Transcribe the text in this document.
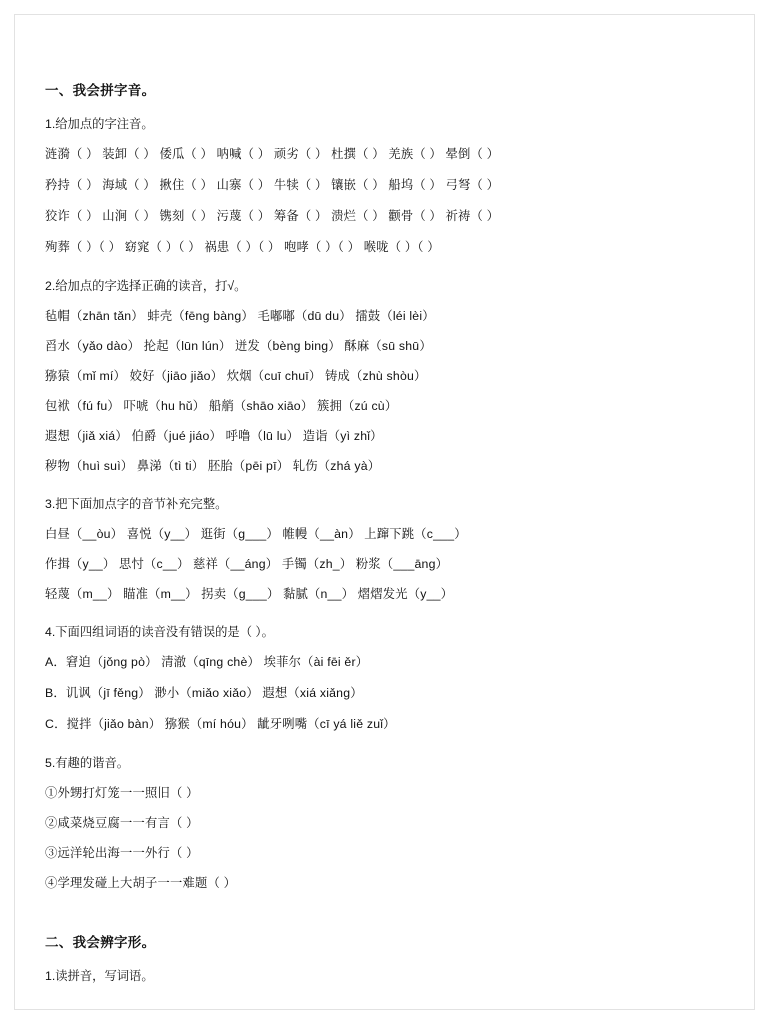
一、我会拼字音。

1.给加点的字注音。

涟漪（ ） 装卸（ ） 倭瓜（ ） 呐喊（ ） 顽劣（ ） 杜撰（ ） 羌族（ ） 晕倒（ ）

矜持（ ） 海域（ ） 揪住（ ） 山寨（ ） 牛犊（ ） 镶嵌（ ） 船坞（ ） 弓弩（ ）

狡诈（ ） 山涧（ ） 镌刻（ ） 污蔑（ ） 筹备（ ） 溃烂（ ） 颧骨（ ） 祈祷（ ）

殉葬（ ）（ ） 窈窕（ ）（ ） 祸患（ ）（ ） 咆哮（ ）（ ） 喉咙（ ）（ ）

2.给加点的字选择正确的读音，打√。

毡帽（zhān tǎn） 蚌壳（fēng bàng） 毛嘟嘟（dū du） 擂鼓（léi lèi）

舀水（yǎo dào） 抡起（lūn lún） 迸发（bèng bing） 酥麻（sū shū）

猕猿（mǐ mí） 姣好（jiāo jiǎo） 炊烟（cuī chuī） 铸成（zhù shòu）

包袱（fú fu） 吓唬（hu hǔ） 船艄（shāo xiāo） 簇拥（zú cù）

遐想（jiǎ xiá） 伯爵（jué jiáo） 呼噜（lū lu） 造诣（yì zhǐ）

秽物（huì suì） 鼻涕（tì ti） 胚胎（pēi pī） 轧伤（zhá yà）

3.把下面加点字的音节补充完整。

白昼（__òu） 喜悦（y__） 逛街（g___） 帷幔（__àn） 上蹿下跳（c___）

作揖（y__） 思忖（c__） 慈祥（__áng） 手镯（zh_） 粉浆（___āng）

轻蔑（m__） 瞄准（m__） 拐卖（g___） 黏腻（n__） 熠熠发光（y__）

4.下面四组词语的读音没有错误的是（ ）。

A．窘迫（jǒng pò） 清澈（qīng chè） 埃菲尔（ài fēi ěr）

B．讥讽（jī fěng） 渺小（miǎo xiǎo） 遐想（xiá xiǎng）

C．搅拌（jiǎo bàn） 猕猴（mí hóu） 龇牙咧嘴（cī yá liě zuǐ）

5.有趣的谐音。

①外甥打灯笼一一照旧（ ）

②咸菜烧豆腐一一有言（ ）

③远洋轮出海一一外行（ ）

④学理发碰上大胡子一一难题（ ）

二、我会辨字形。

1.读拼音，写词语。
